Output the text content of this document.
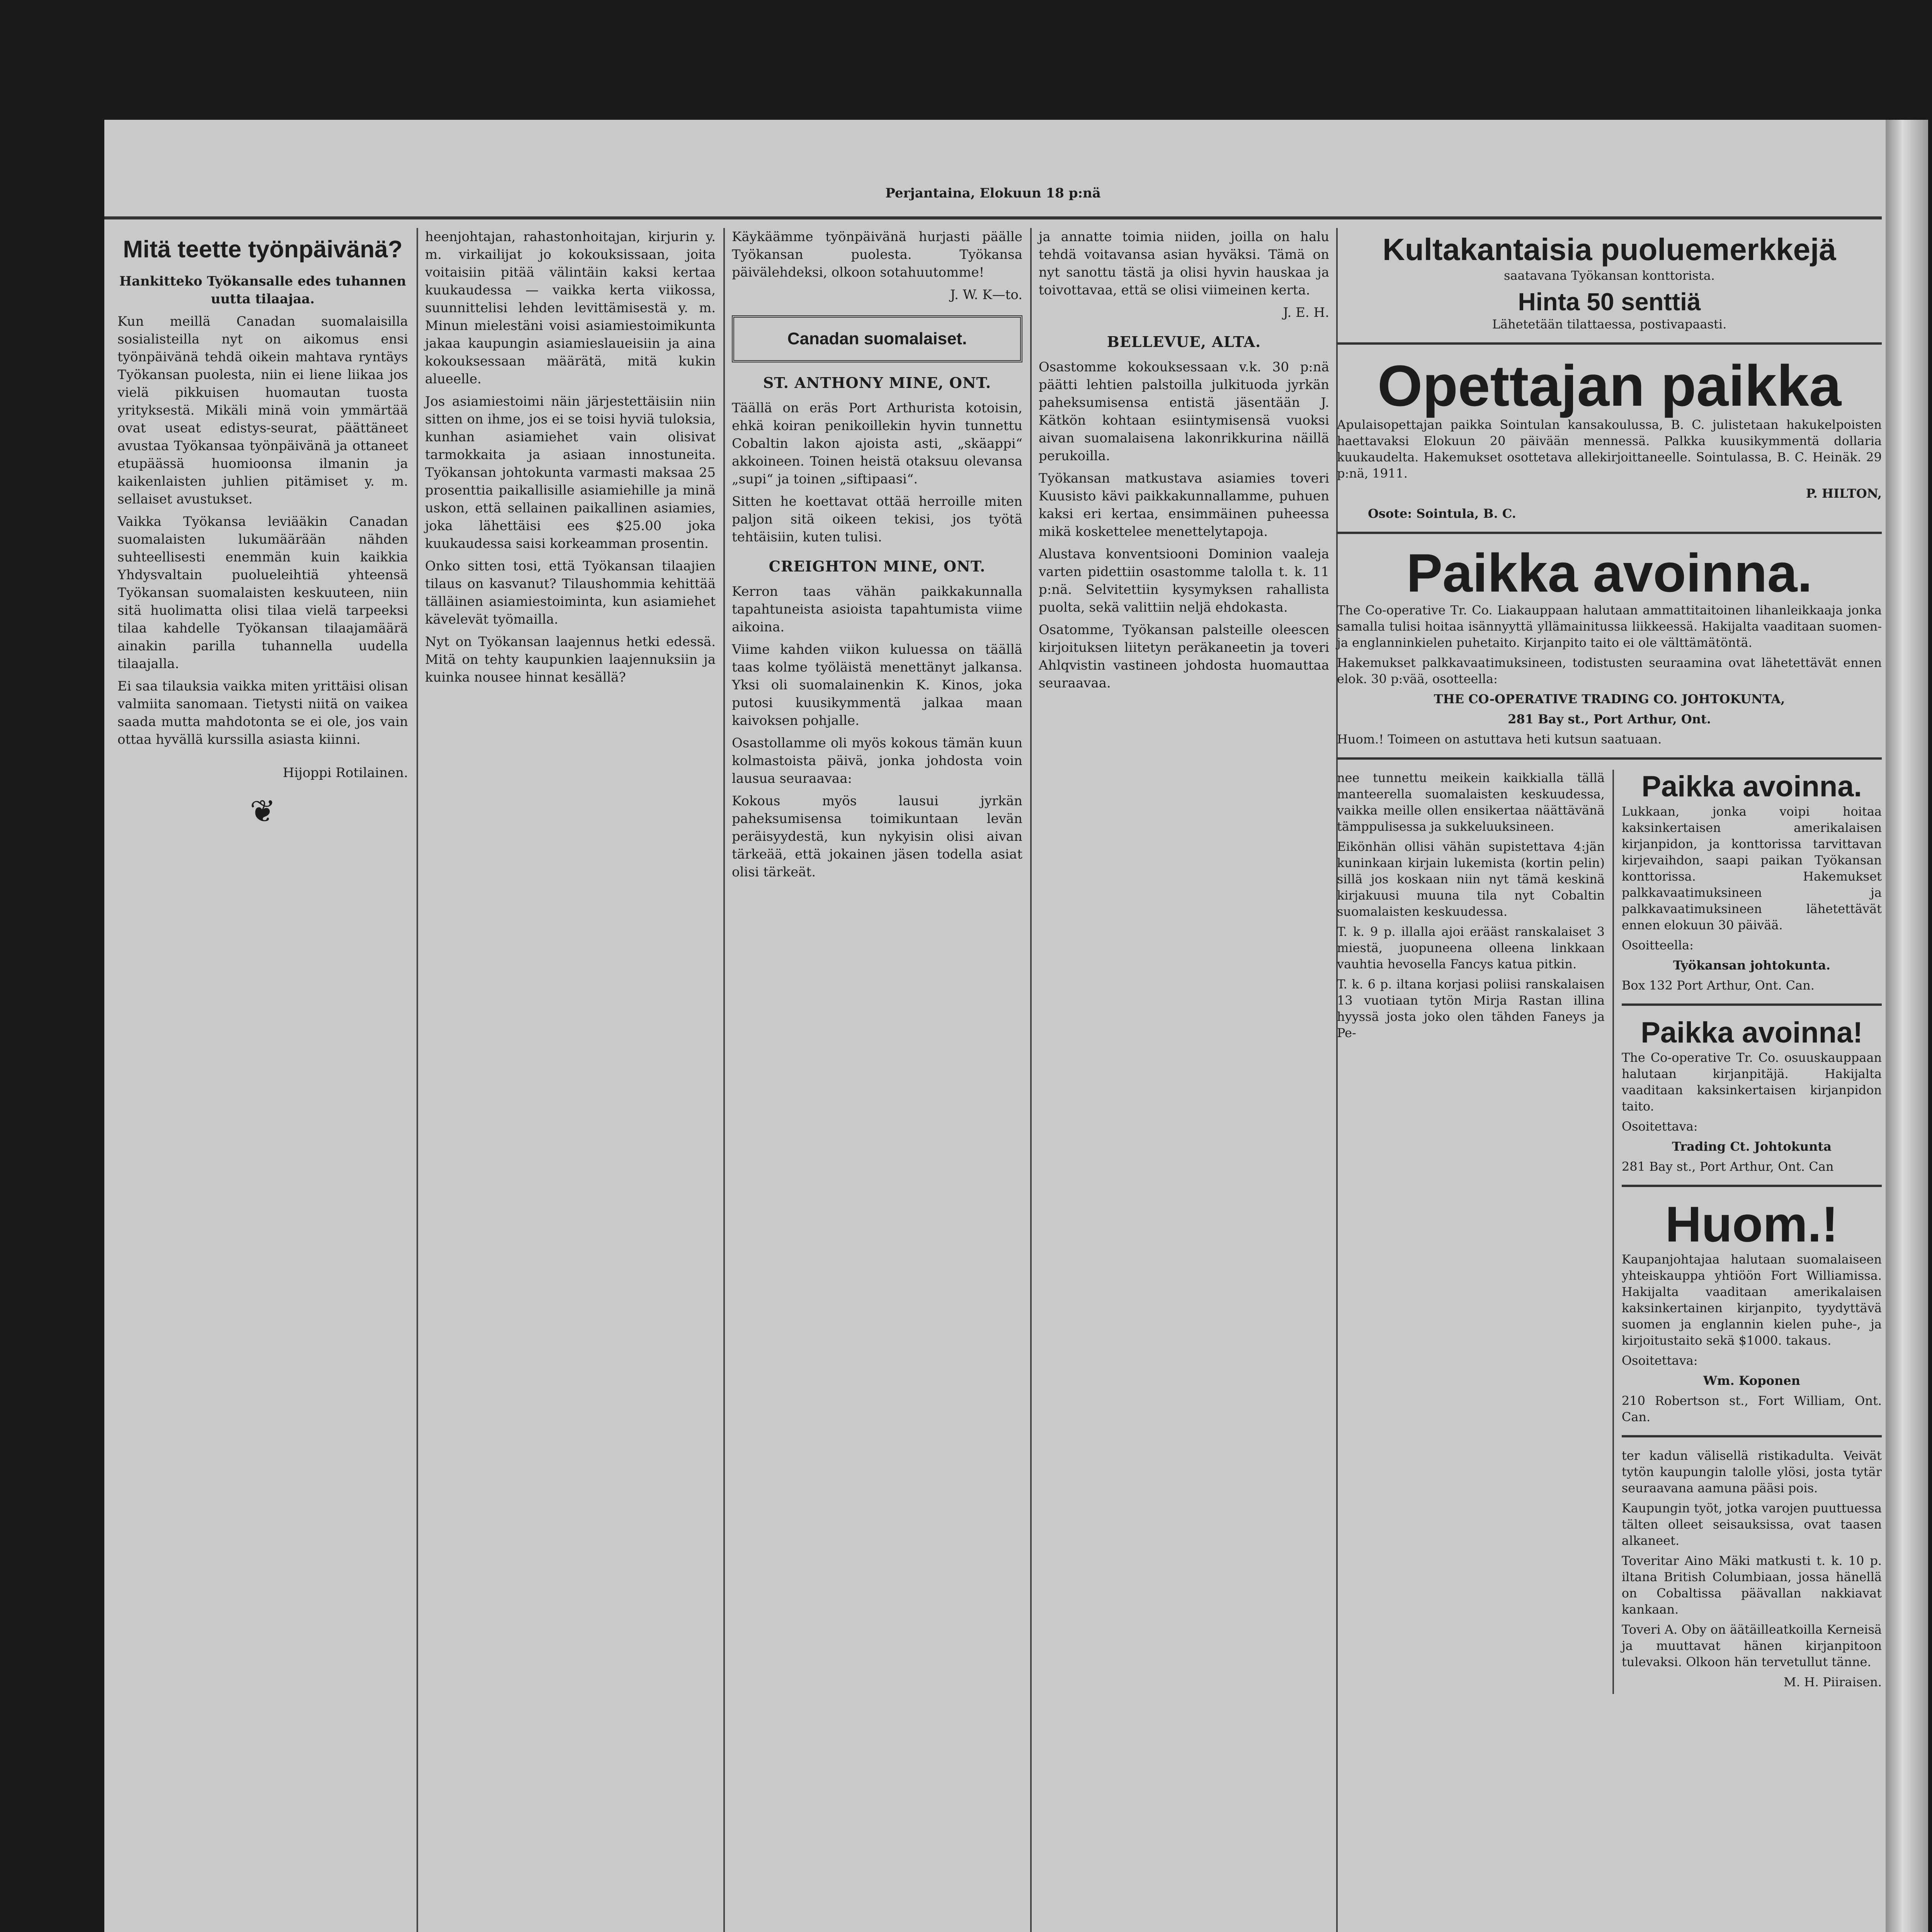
Perjantaina, Elokuun 18 p:nä
Mitä teette työnpäivänä?

Hankitteko Työkansalle edes tuhannen uutta tilaajaa.

Kun meillä Canadan suomalaisilla sosialisteilla nyt on aikomus ensi työnpäivänä tehdä oikein mahtava ryntäys Työkansan puolesta, niin ei liene liikaa jos vielä pikkuisen huomautan tuosta yrityksestä. Mikäli minä voin ymmärtää ovat useat edistys-seurat, päättäneet avustaa Työkansaa työnpäivänä ja ottaneet etupäässä huomioonsa ilmanin ja kaikenlaisten juhlien pitämiset y. m. sellaiset avustukset.

Vaikka Työkansa leviääkin Canadan suomalaisten lukumäärään nähden suhteellisesti enemmän kuin kaikkia Yhdysvaltain puolueleihtiä yhteensä Työkansan suomalaisten keskuuteen, niin sitä huolimatta olisi tilaa vielä tarpeeksi tilaa kahdelle Työkansan tilaajamäärä ainakin parilla tuhannella uudella tilaajalla.

Ei saa tilauksia vaikka miten yrittäisi olisan valmiita sanomaan. Tietysti niitä on vaikea saada mutta mahdotonta se ei ole, jos vain ottaa hyvällä kurssilla asiasta kiinni.

Hijoppi Rotilainen.

❦

heenjohtajan, rahastonhoitajan, kirjurin y. m. virkailijat jo kokouksissaan, joita voitaisiin pitää välintäin kaksi kertaa kuukaudessa — vaikka kerta viikossa, suunnittelisi lehden levittämisestä y. m. Minun mielestäni voisi asiamiestoimikunta jakaa kaupungin asiamieslaueisiin ja aina kokouksessaan määrätä, mitä kukin alueelle.

Jos asiamiestoimi näin järjestettäisiin niin sitten on ihme, jos ei se toisi hyviä tuloksia, kunhan asiamiehet vain olisivat tarmokkaita ja asiaan innostuneita. Työkansan johtokunta varmasti maksaa 25 prosenttia paikallisille asiamiehille ja minä uskon, että sellainen paikallinen asiamies, joka lähettäisi ees $25.00 joka kuukaudessa saisi korkeamman prosentin.

Onko sitten tosi, että Työkansan tilaajien tilaus on kasvanut? Tilaushommia kehittää tälläinen asiamiestoiminta, kun asiamiehet kävelevät työmailla.

Nyt on Työkansan laajennus hetki edessä. Mitä on tehty kaupunkien laajennuksiin ja kuinka nousee hinnat kesällä?

Käykäämme työnpäivänä hurjasti päälle Työkansan puolesta. Työkansa päivälehdeksi, olkoon sotahuutomme!

J. W. K—to.

Canadan suomalaiset.
ST. ANTHONY MINE, ONT.

Täällä on eräs Port Arthurista kotoisin, ehkä koiran penikoillekin hyvin tunnettu Cobaltin lakon ajoista asti, „skäappi“ akkoineen. Toinen heistä otaksuu olevansa „supi“ ja toinen „siftipaasi“.

Sitten he koettavat ottää herroille miten paljon sitä oikeen tekisi, jos työtä tehtäisiin, kuten tulisi.

CREIGHTON MINE, ONT.

Kerron taas vähän paikkakunnalla tapahtuneista asioista tapahtumista viime aikoina.

Viime kahden viikon kuluessa on täällä taas kolme työläistä menettänyt jalkansa. Yksi oli suomalainenkin K. Kinos, joka putosi kuusikymmentä jalkaa maan kaivoksen pohjalle.

Osastollamme oli myös kokous tämän kuun kolmastoista päivä, jonka johdosta voin lausua seuraavaa:

Kokous myös lausui jyrkän paheksumisensa toimikuntaan levän peräisyydestä, kun nykyisin olisi aivan tärkeää, että jokainen jäsen todella asiat olisi tärkeät.

ja annatte toimia niiden, joilla on halu tehdä voitavansa asian hyväksi. Tämä on nyt sanottu tästä ja olisi hyvin hauskaa ja toivottavaa, että se olisi viimeinen kerta.

J. E. H.

BELLEVUE, ALTA.

Osastomme kokouksessaan v.k. 30 p:nä päätti lehtien palstoilla julkituoda jyrkän paheksumisensa entistä jäsentään J. Kätkön kohtaan esiintymisensä vuoksi aivan suomalaisena lakonrikkurina näillä perukoilla.

Työkansan matkustava asiamies toveri Kuusisto kävi paikkakunnallamme, puhuen kaksi eri kertaa, ensimmäinen puheessa mikä koskettelee menettelytapoja.

Alustava konventsiooni Dominion vaaleja varten pidettiin osastomme talolla t. k. 11 p:nä. Selvitettiin kysymyksen rahallista puolta, sekä valittiin neljä ehdokasta.

Osatomme, Työkansan palsteille oleescen kirjoituksen liitetyn peräkaneetin ja toveri Ahlqvistin vastineen johdosta huomauttaa seuraavaa.

Kultakantaisia puoluemerkkejä

saatavana Työkansan konttorista.

Hinta 50 senttiä

Lähetetään tilattaessa, postivapaasti.

Opettajan paikka

Apulaisopettajan paikka Sointulan kansakoulussa, B. C. julistetaan hakukelpoisten haettavaksi Elokuun 20 päivään mennessä. Palkka kuusikymmentä dollaria kuukaudelta. Hakemukset osottetava allekirjoittaneelle. Sointulassa, B. C. Heinäk. 29 p:nä, 1911.

P. HILTON,

Osote: Sointula, B. C.

Paikka avoinna.

The Co-operative Tr. Co. Liakauppaan halutaan ammattitaitoinen lihanleikkaaja jonka samalla tulisi hoitaa isännyyttä yllämainitussa liikkeessä. Hakijalta vaaditaan suomen- ja englanninkielen puhetaito. Kirjanpito taito ei ole välttämätöntä.

Hakemukset palkkavaatimuksineen, todistusten seuraamina ovat lähetettävät ennen elok. 30 p:vää, osotteella:

THE CO-OPERATIVE TRADING CO. JOHTOKUNTA,

281 Bay st., Port Arthur, Ont.

Huom.! Toimeen on astuttava heti kutsun saatuaan.

nee tunnettu meikein kaikkialla tällä manteerella suomalaisten keskuudessa, vaikka meille ollen ensikertaa näättävänä tämppulisessa ja sukkeluuksineen.

Eikönhän ollisi vähän supistettava 4:jän kuninkaan kirjain lukemista (kortin pelin) sillä jos koskaan niin nyt tämä keskinä kirjakuusi muuna tila nyt Cobaltin suomalaisten keskuudessa.

T. k. 9 p. illalla ajoi erääst ranskalaiset 3 miestä, juopuneena olleena linkkaan vauhtia hevosella Fancys katua pitkin.

T. k. 6 p. iltana korjasi poliisi ranskalaisen 13 vuotiaan tytön Mirja Rastan illina hyyssä josta joko olen tähden Faneys ja Pe-

Paikka avoinna.

Lukkaan, jonka voipi hoitaa kaksinkertaisen amerikalaisen kirjanpidon, ja konttorissa tarvittavan kirjevaihdon, saapi paikan Työkansan konttorissa. Hakemukset palkkavaatimuksineen ja palkkavaatimuksineen lähetettävät ennen elokuun 30 päivää.

Osoitteella:

Työkansan johtokunta.

Box 132 Port Arthur, Ont. Can.

Paikka avoinna!

The Co-operative Tr. Co. osuuskauppaan halutaan kirjanpitäjä. Hakijalta vaaditaan kaksinkertaisen kirjanpidon taito.

Osoitettava:

Trading Ct. Johtokunta

281 Bay st., Port Arthur, Ont. Can

Huom.!

Kaupanjohtajaa halutaan suomalaiseen yhteiskauppa yhtiöön Fort Williamissa. Hakijalta vaaditaan amerikalaisen kaksinkertainen kirjanpito, tyydyttävä suomen ja englannin kielen puhe-, ja kirjoitustaito sekä $1000. takaus.

Osoitettava:

Wm. Koponen

210 Robertson st., Fort William, Ont. Can.

ter kadun välisellä ristikadulta. Veivät tytön kaupungin talolle ylösi, josta tytär seuraavana aamuna pääsi pois.

Kaupungin työt, jotka varojen puuttuessa tälten olleet seisauksissa, ovat taasen alkaneet.

Toveritar Aino Mäki matkusti t. k. 10 p. iltana British Columbiaan, jossa hänellä on Cobaltissa päävallan nakkiavat kankaan.

Toveri A. Oby on äätäilleatkoilla Kerneisä ja muuttavat hänen kirjanpitoon tulevaksi. Olkoon hän tervetullut tänne.

M. H. Piiraisen.
